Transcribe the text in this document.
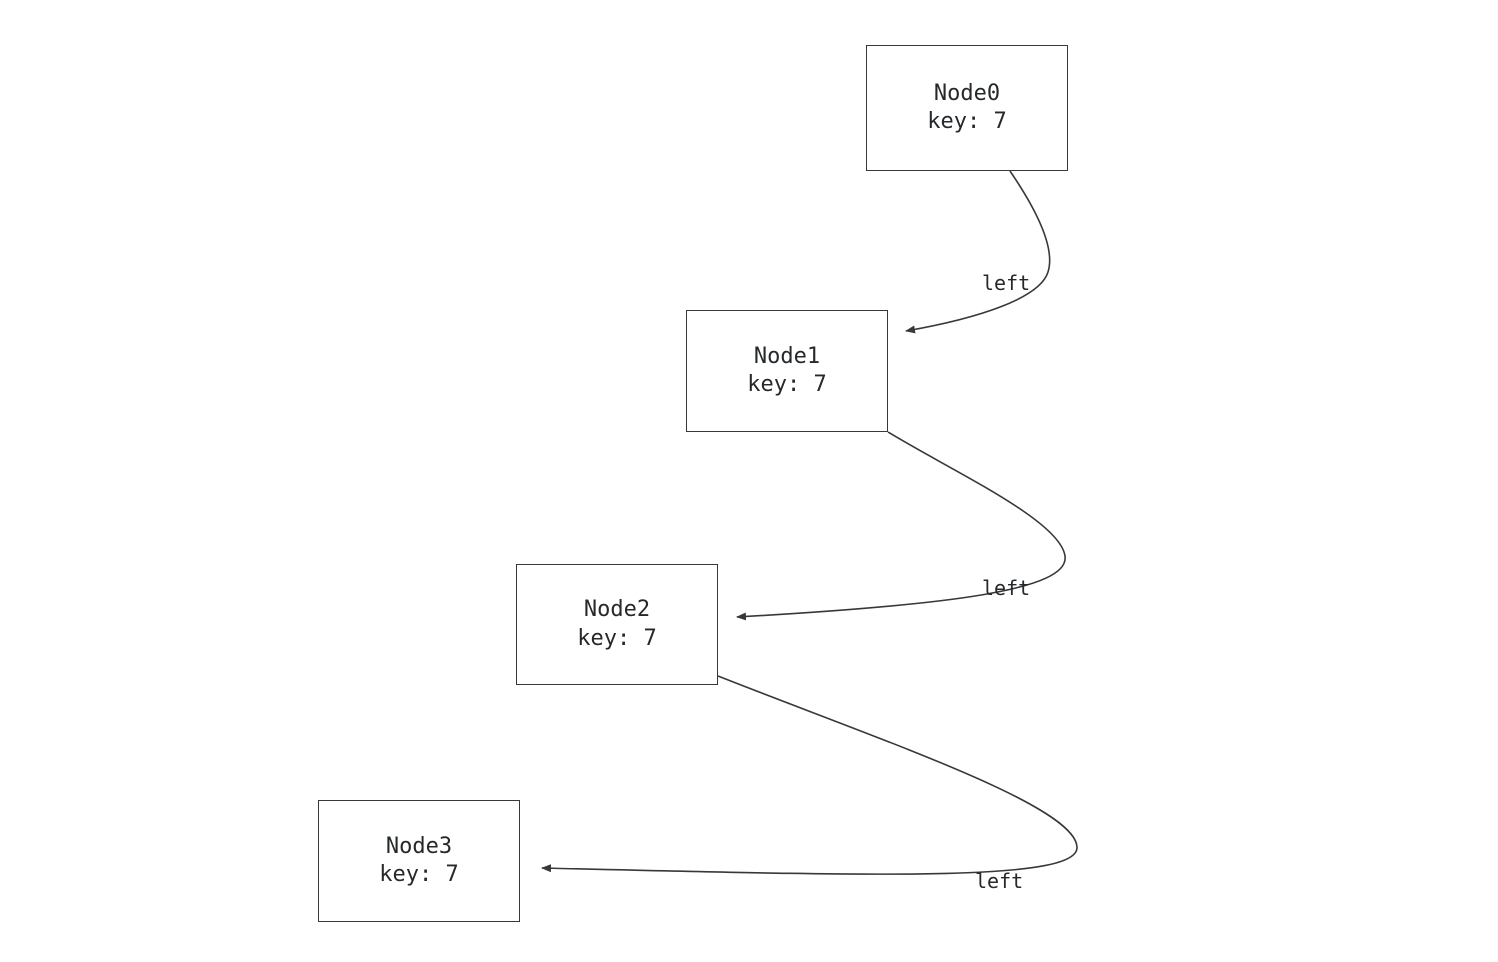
Node0
key: 7
Node1
key: 7
Node2
key: 7
Node3
key: 7
left
left
left
